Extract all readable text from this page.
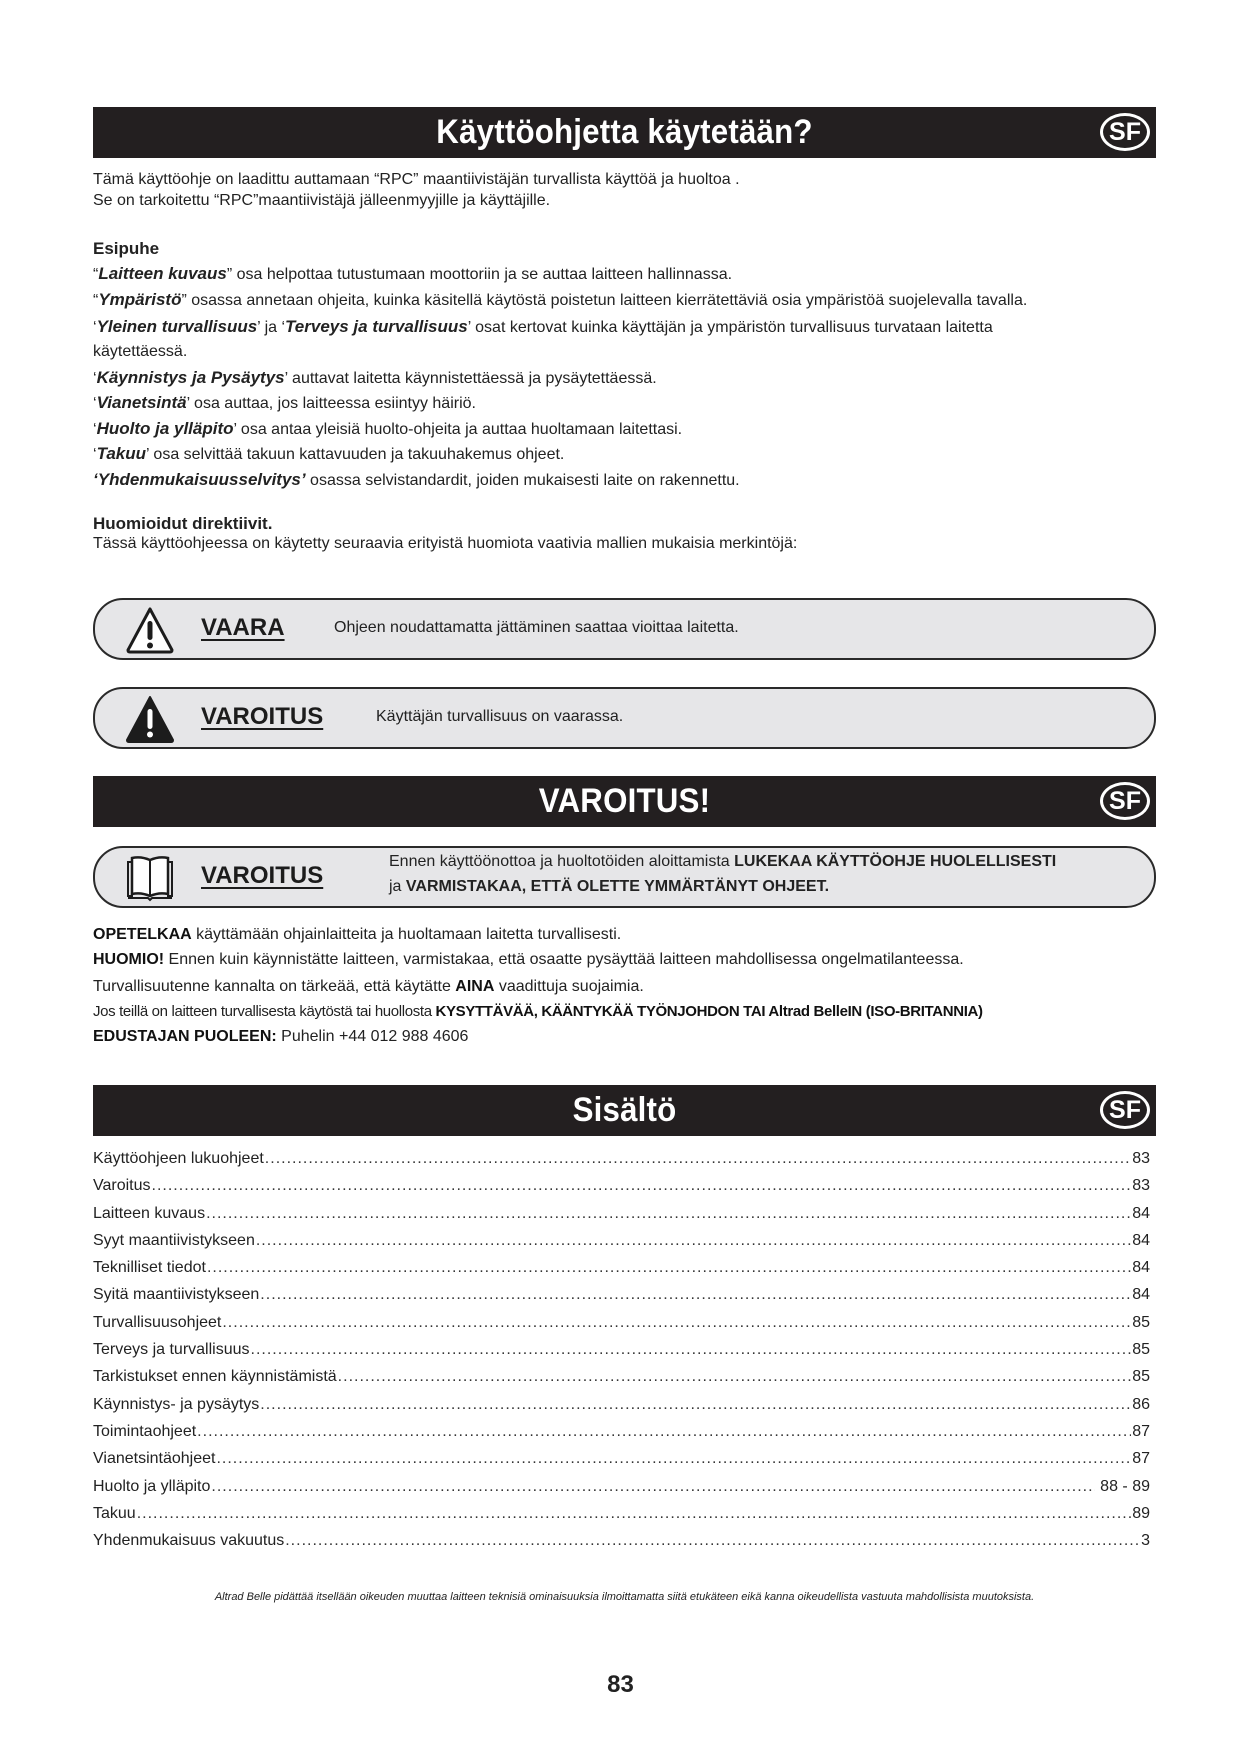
Käyttöohjetta käytetään?	SF
Tämä käyttöohje on laadittu auttamaan “RPC” maantiivistäjän turvallista käyttöä ja huoltoa .
Se on tarkoitettu “RPC”maantiivistäjä jälleenmyyjille ja käyttäjille.
Esipuhe
“Laitteen kuvaus” osa helpottaa tutustumaan moottoriin ja se auttaa laitteen hallinnassa.
“Ympäristö” osassa annetaan ohjeita, kuinka käsitellä käytöstä poistetun laitteen kierrätettäviä osia ympäristöä suojelevalla tavalla.
‘Yleinen turvallisuus’ ja ‘Terveys ja turvallisuus’ osat kertovat kuinka käyttäjän ja ympäristön turvallisuus turvataan laitetta
käytettäessä.
‘Käynnistys ja Pysäytys’ auttavat laitetta käynnistettäessä ja pysäytettäessä.
‘Vianetsintä’ osa auttaa, jos laitteessa esiintyy häiriö.
‘Huolto ja ylläpito’ osa antaa yleisiä huolto-ohjeita ja auttaa huoltamaan laitettasi.
‘Takuu’ osa selvittää takuun kattavuuden ja takuuhakemus ohjeet.
‘Yhdenmukaisuusselvitys’ osassa selvistandardit, joiden mukaisesti laite on rakennettu.
Huomioidut direktiivit.
Tässä käyttöohjeessa on käytetty seuraavia erityistä huomiota vaativia mallien mukaisia merkintöjä:
VAARA	Ohjeen noudattamatta jättäminen saattaa vioittaa laitetta.
VAROITUS	Käyttäjän turvallisuus on vaarassa.
VAROITUS!	SF
VAROITUS
Ennen käyttöönottoa ja huoltotöiden aloittamista LUKEKAA KÄYTTÖOHJE HUOLELLISESTI
ja VARMISTAKAA, ETTÄ OLETTE YMMÄRTÄNYT OHJEET.
OPETELKAA käyttämään ohjainlaitteita ja huoltamaan laitetta turvallisesti.
HUOMIO! Ennen kuin käynnistätte laitteen, varmistakaa, että osaatte pysäyttää laitteen mahdollisessa ongelmatilanteessa.
Turvallisuutenne kannalta on tärkeää, että käytätte AINA vaadittuja suojaimia.
Jos teillä on laitteen turvallisesta käytöstä tai huollosta KYSYTTÄVÄÄ, KÄÄNTYKÄÄ TYÖNJOHDON TAI Altrad BelleIN (ISO-BRITANNIA)
EDUSTAJAN PUOLEEN: Puhelin +44 012 988 4606
Sisältö	SF
Käyttöohjeen lukuohjeet .....	83
Varoitus .....	83
Laitteen kuvaus .....	84
Syyt maantiivistykseen .....	84
Teknilliset tiedot .....	84
Syitä maantiivistykseen .....	84
Turvallisuusohjeet .....	85
Terveys ja turvallisuus .....	85
Tarkistukset ennen käynnistämistä .....	85
Käynnistys- ja pysäytys .....	86
Toimintaohjeet .....	87
Vianetsintäohjeet .....	87
Huolto ja ylläpito .....	88 - 89
Takuu .....	89
Yhdenmukaisuus vakuutus .....	3
Altrad Belle pidättää itsellään oikeuden muuttaa laitteen teknisiä ominaisuuksia ilmoittamatta siitä etukäteen eikä kanna oikeudellista vastuuta mahdollisista muutoksista.
83
